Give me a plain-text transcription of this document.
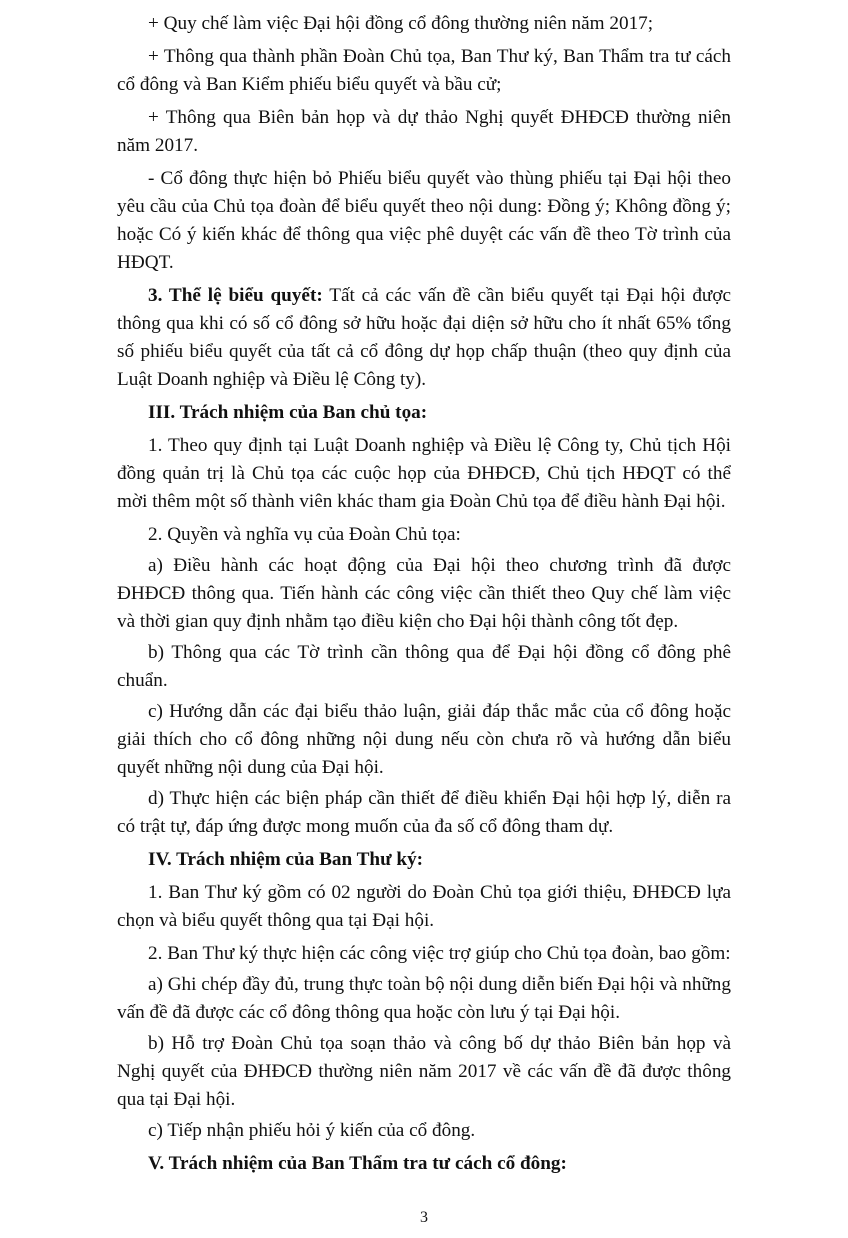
+ Quy chế làm việc Đại hội đồng cổ đông thường niên năm 2017;

+ Thông qua thành phần Đoàn Chủ tọa, Ban Thư ký, Ban Thẩm tra tư cách cổ đông và Ban Kiểm phiếu biểu quyết và bầu cử;

+ Thông qua Biên bản họp và dự thảo Nghị quyết ĐHĐCĐ thường niên năm 2017.

- Cổ đông thực hiện bỏ Phiếu biểu quyết vào thùng phiếu tại Đại hội theo yêu cầu của Chủ tọa đoàn để biểu quyết theo nội dung: Đồng ý; Không đồng ý; hoặc Có ý kiến khác để thông qua việc phê duyệt các vấn đề theo Tờ trình của HĐQT.

3. Thể lệ biểu quyết: Tất cả các vấn đề cần biểu quyết tại Đại hội được thông qua khi có số cổ đông sở hữu hoặc đại diện sở hữu cho ít nhất 65% tổng số phiếu biểu quyết của tất cả cổ đông dự họp chấp thuận (theo quy định của Luật Doanh nghiệp và Điều lệ Công ty).

III. Trách nhiệm của Ban chủ tọa:

1. Theo quy định tại Luật Doanh nghiệp và Điều lệ Công ty, Chủ tịch Hội đồng quản trị là Chủ tọa các cuộc họp của ĐHĐCĐ, Chủ tịch HĐQT có thể mời thêm một số thành viên khác tham gia Đoàn Chủ tọa để điều hành Đại hội.

2. Quyền và nghĩa vụ của Đoàn Chủ tọa:

a) Điều hành các hoạt động của Đại hội theo chương trình đã được ĐHĐCĐ thông qua. Tiến hành các công việc cần thiết theo Quy chế làm việc và thời gian quy định nhằm tạo điều kiện cho Đại hội thành công tốt đẹp.

b) Thông qua các Tờ trình cần thông qua để Đại hội đồng cổ đông phê chuẩn.

c) Hướng dẫn các đại biểu thảo luận, giải đáp thắc mắc của cổ đông hoặc giải thích cho cổ đông những nội dung nếu còn chưa rõ và hướng dẫn biểu quyết những nội dung của Đại hội.

d) Thực hiện các biện pháp cần thiết để điều khiển Đại hội hợp lý, diễn ra có trật tự, đáp ứng được mong muốn của đa số cổ đông tham dự.

IV. Trách nhiệm của Ban Thư ký:

1. Ban Thư ký gồm có 02 người do Đoàn Chủ tọa giới thiệu, ĐHĐCĐ lựa chọn và biểu quyết thông qua tại Đại hội.

2. Ban Thư ký thực hiện các công việc trợ giúp cho Chủ tọa đoàn, bao gồm:

a) Ghi chép đầy đủ, trung thực toàn bộ nội dung diễn biến Đại hội và những vấn đề đã được các cổ đông thông qua hoặc còn lưu ý tại Đại hội.

b) Hỗ trợ Đoàn Chủ tọa soạn thảo và công bố dự thảo Biên bản họp và Nghị quyết của ĐHĐCĐ thường niên năm 2017 về các vấn đề đã được thông qua tại Đại hội.

c) Tiếp nhận phiếu hỏi ý kiến của cổ đông.

V. Trách nhiệm của Ban Thẩm tra tư cách cổ đông:

3
